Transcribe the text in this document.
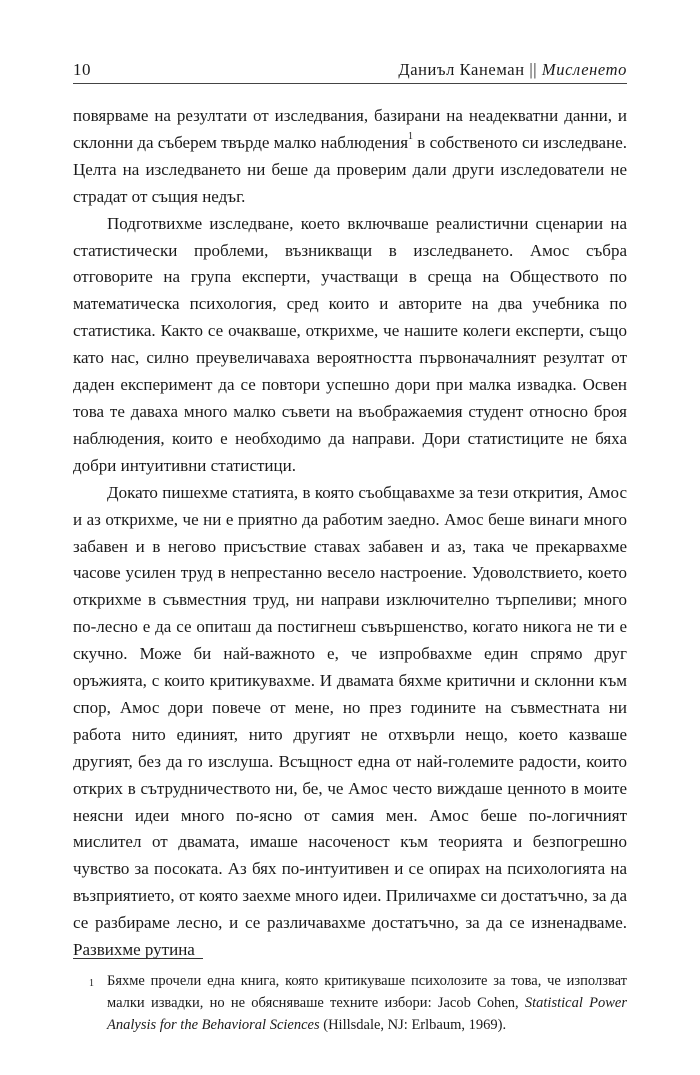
10	Даниъл Канеман || Мисленето

повярваме на резултати от изследвания, базирани на неадекватни данни, и склонни да съберем твърде малко наблюдения$^1$ в собственото си изследване. Целта на изследването ни беше да проверим дали други изследователи не страдат от същия недъг.

Подготвихме изследване, което включваше реалистични сценарии на статистически проблеми, възникващи в изследването. Амос събра отговорите на група експерти, участващи в среща на Обществото по математическа психология, сред които и авторите на два учебника по статистика. Както се очакваше, открихме, че нашите колеги експерти, също като нас, силно преувеличаваха вероятността първоначалният резултат от даден експеримент да се повтори успешно дори при малка извадка. Освен това те даваха много малко съвети на въображаемия студент относно броя наблюдения, които е необходимо да направи. Дори статистиците не бяха добри интуитивни статистици.

Докато пишехме статията, в която съобщавахме за тези открития, Амос и аз открихме, че ни е приятно да работим заедно. Амос беше винаги много забавен и в негово присъствие ставах забавен и аз, така че прекарвахме часове усилен труд в непрестанно весело настроение. Удоволствието, което открихме в съвместния труд, ни направи изключително търпеливи; много по-лесно е да се опиташ да постигнеш съвършенство, когато никога не ти е скучно. Може би най-важното е, че изпробвахме един спрямо друг оръжията, с които критикувахме. И двамата бяхме критични и склонни към спор, Амос дори повече от мене, но през годините на съвместната ни работа нито единият, нито другият не отхвърли нещо, което казваше другият, без да го изслуша. Всъщност една от най-големите радости, които открих в сътрудничеството ни, бе, че Амос често виждаше ценното в моите неясни идеи много по-ясно от самия мен. Амос беше по-логичният мислител от двамата, имаше насоченост към теорията и безпогрешно чувство за посоката. Аз бях по-интуитивен и се опирах на психологията на възприятието, от която заехме много идеи. Приличахме си достатъчно, за да се разбираме лесно, и се различавахме достатъчно, за да се изненадваме. Развихме рутина

1 Бяхме прочели една книга, която критикуваше психолозите за това, че използват малки извадки, но не обясняваше техните избори: Jacob Cohen, Statistical Power Analysis for the Behavioral Sciences (Hillsdale, NJ: Erlbaum, 1969).
